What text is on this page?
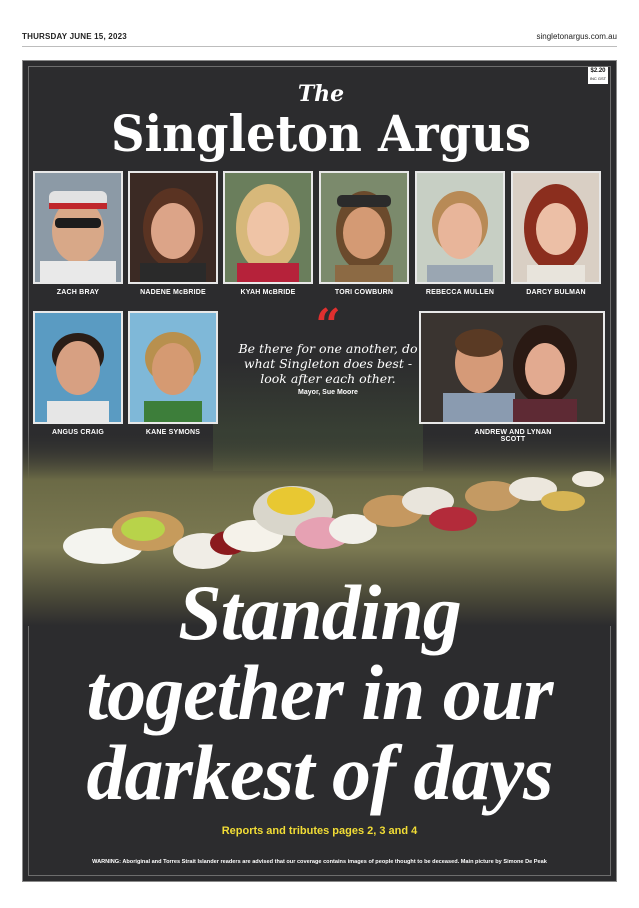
THURSDAY JUNE 15, 2023	singletonargus.com.au
$2.20
INC GST
The
Singleton Argus
ZACH BRAY	NADENE McBRIDE	KYAH McBRIDE	TORI COWBURN	REBECCA MULLEN	DARCY BULMAN
ANGUS CRAIG	KANE SYMONS	ANDREW AND LYNAN SCOTT
“
Be there for one another, do what Singleton does best - look after each other.
Mayor, Sue Moore
Standing
together in our
darkest of days
Reports and tributes pages 2, 3 and 4
WARNING: Aboriginal and Torres Strait Islander readers are advised that our coverage contains images of people thought to be deceased. Main picture by Simone De Peak
